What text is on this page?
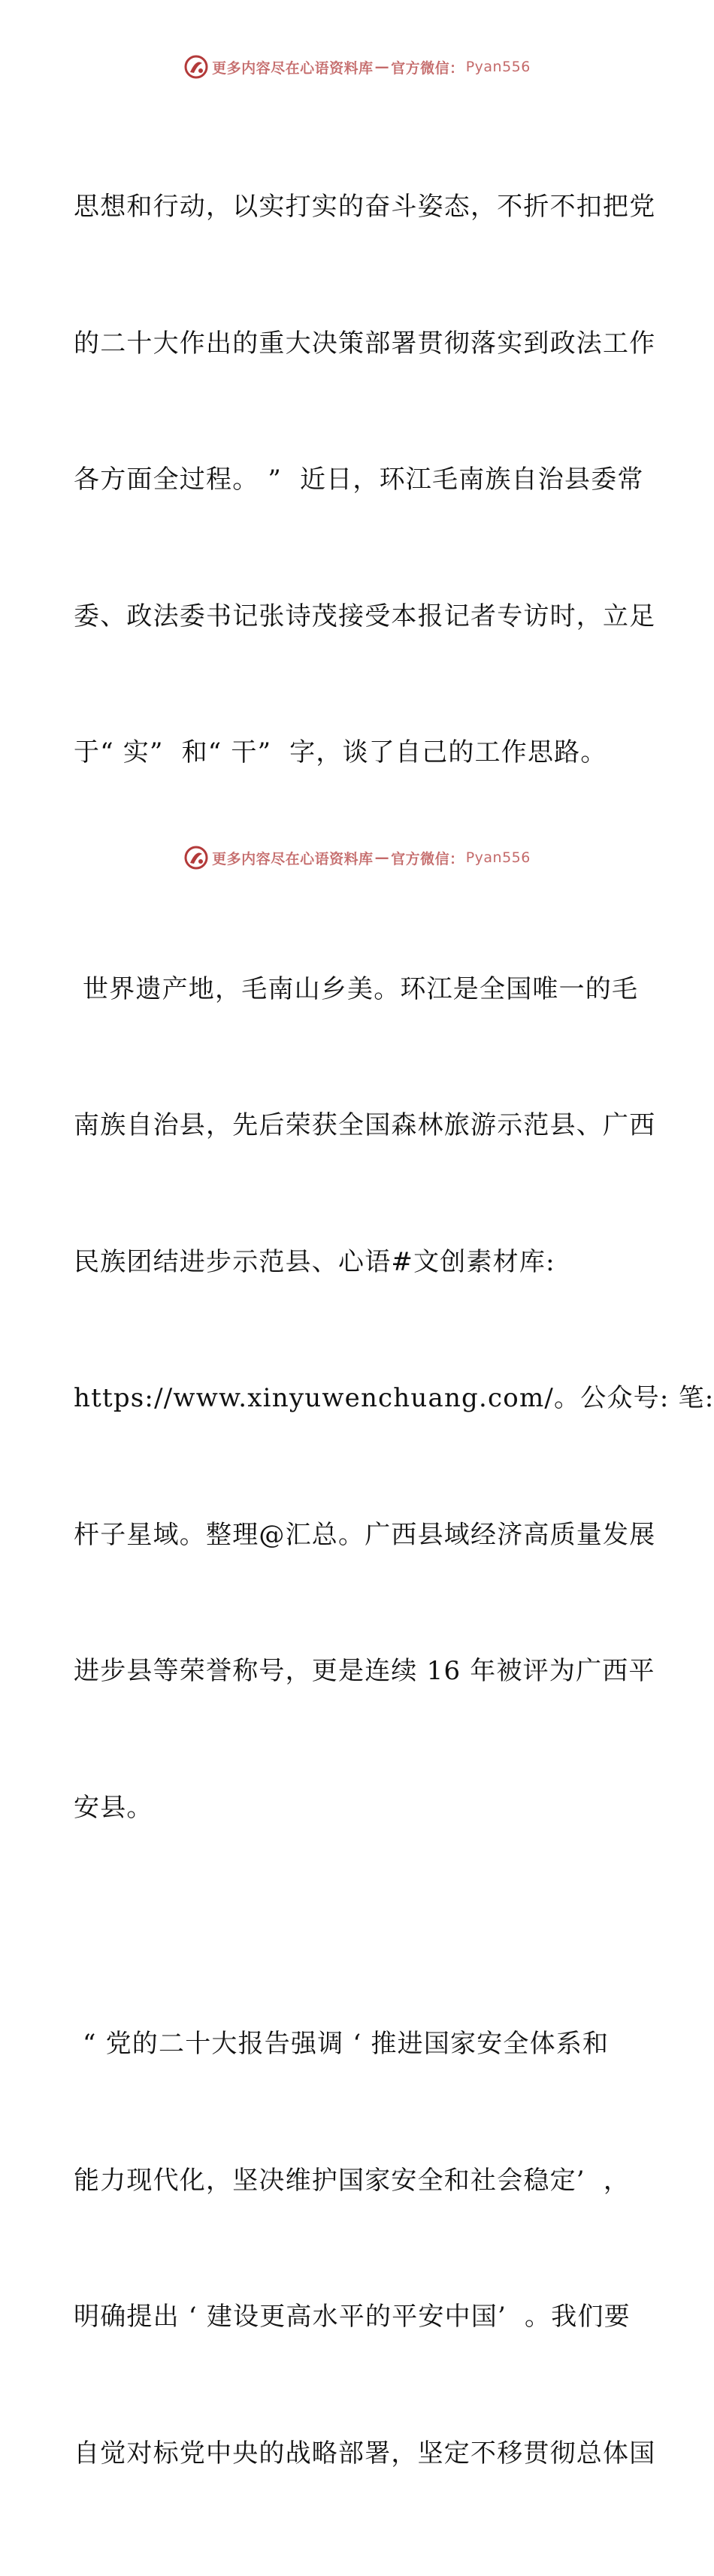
更多内容尽在心语资料库 — 官方微信： Pyan556

思想和行动，以实打实的奋斗姿态，不折不扣把党

的二十大作出的重大决策部署贯彻落实到政法工作

各方面全过程。 ”  近日，环江毛南族自治县委常

委、政法委书记张诗茂接受本报记者专访时，立足

于“ 实”  和“ 干”  字，谈了自己的工作思路。

世界遗产地，毛南山乡美。环江是全国唯一的毛

南族自治县，先后荣获全国森林旅游示范县、广西

民族团结进步示范县、心语#文创素材库:

https://www.xinyuwenchuang.com/。公众号: 笔:

杆子星域。整理@汇总。广西县域经济高质量发展

进步县等荣誉称号，更是连续 16 年被评为广西平

安县。

“ 党的二十大报告强调 ‘ 推进国家安全体系和

能力现代化，坚决维护国家安全和社会稳定’  ，

明确提出 ‘ 建设更高水平的平安中国’  。我们要

自觉对标党中央的战略部署，坚定不移贯彻总体国

更多内容尽在心语资料库 — 官方微信： Pyan556
